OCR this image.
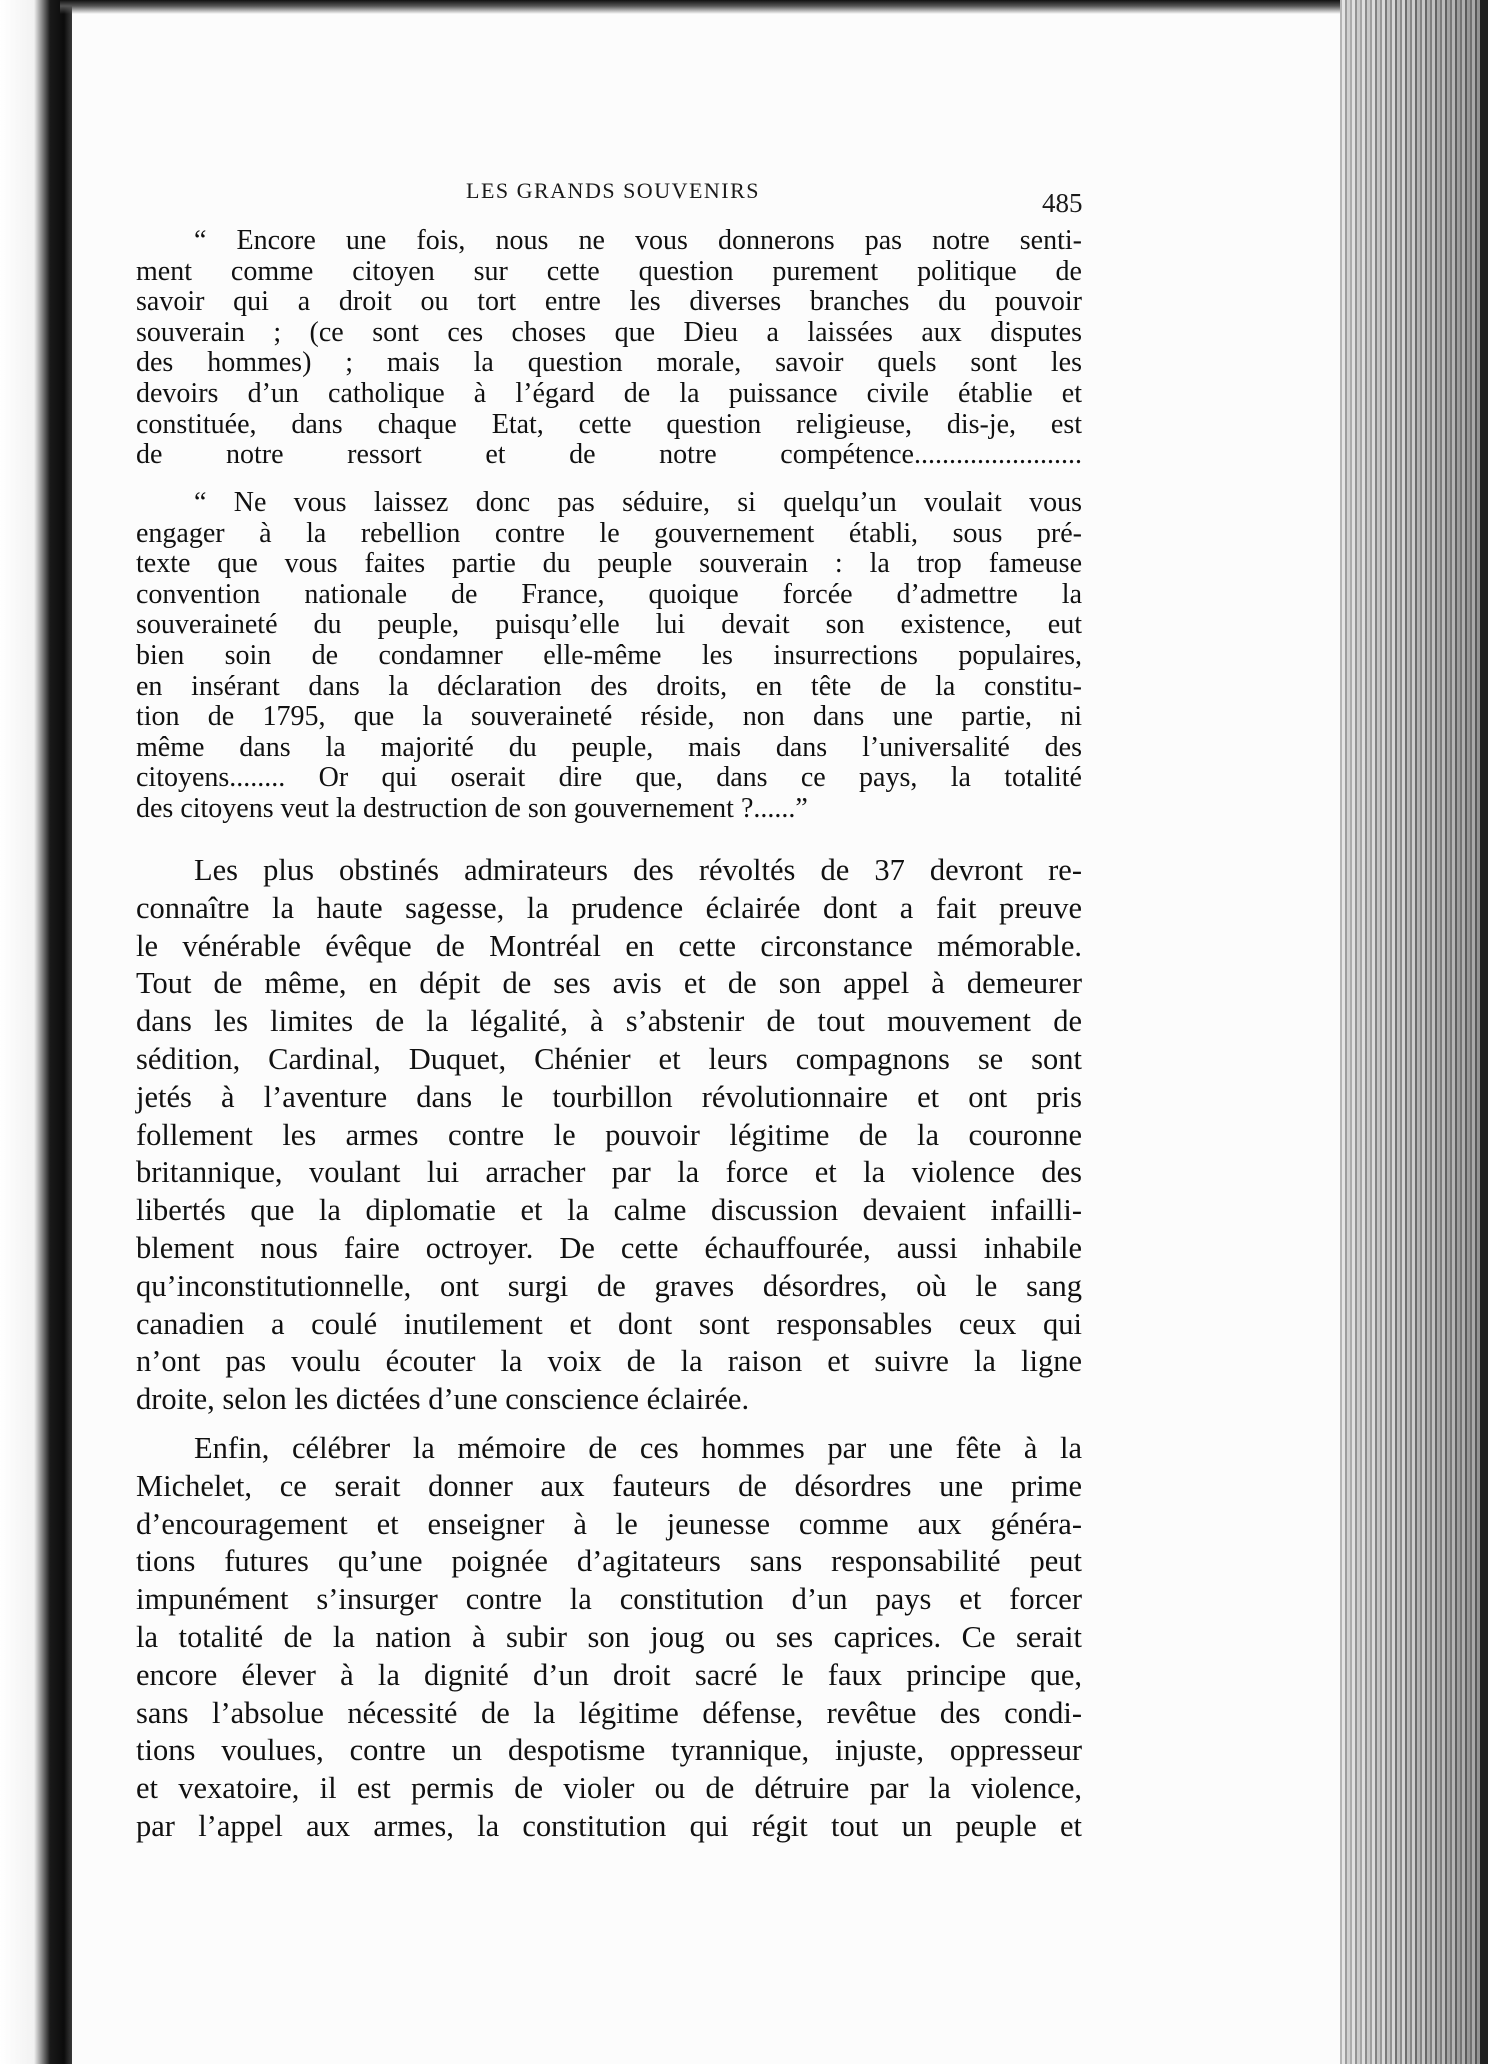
LES GRANDS SOUVENIRS	485
“ Encore une fois, nous ne vous donnerons pas notre senti-
ment comme citoyen sur cette question purement politique de
savoir qui a droit ou tort entre les diverses branches du pouvoir
souverain ; (ce sont ces choses que Dieu a laissées aux disputes
des hommes) ; mais la question morale, savoir quels sont les
devoirs d’un catholique à l’égard de la puissance civile établie et
constituée, dans chaque Etat, cette question religieuse, dis-je, est
de notre ressort et de notre compétence........................
“ Ne vous laissez donc pas séduire, si quelqu’un voulait vous
engager à la rebellion contre le gouvernement établi, sous pré-
texte que vous faites partie du peuple souverain : la trop fameuse
convention nationale de France, quoique forcée d’admettre la
souveraineté du peuple, puisqu’elle lui devait son existence, eut
bien soin de condamner elle-même les insurrections populaires,
en insérant dans la déclaration des droits, en tête de la constitu-
tion de 1795, que la souveraineté réside, non dans une partie, ni
même dans la majorité du peuple, mais dans l’universalité des
citoyens........ Or qui oserait dire que, dans ce pays, la totalité
des citoyens veut la destruction de son gouvernement ?......”
Les plus obstinés admirateurs des révoltés de 37 devront re-
connaître la haute sagesse, la prudence éclairée dont a fait preuve
le vénérable évêque de Montréal en cette circonstance mémorable.
Tout de même, en dépit de ses avis et de son appel à demeurer
dans les limites de la légalité, à s’abstenir de tout mouvement de
sédition, Cardinal, Duquet, Chénier et leurs compagnons se sont
jetés à l’aventure dans le tourbillon révolutionnaire et ont pris
follement les armes contre le pouvoir légitime de la couronne
britannique, voulant lui arracher par la force et la violence des
libertés que la diplomatie et la calme discussion devaient infailli-
blement nous faire octroyer. De cette échauffourée, aussi inhabile
qu’inconstitutionnelle, ont surgi de graves désordres, où le sang
canadien a coulé inutilement et dont sont responsables ceux qui
n’ont pas voulu écouter la voix de la raison et suivre la ligne
droite, selon les dictées d’une conscience éclairée.
Enfin, célébrer la mémoire de ces hommes par une fête à la
Michelet, ce serait donner aux fauteurs de désordres une prime
d’encouragement et enseigner à le jeunesse comme aux généra-
tions futures qu’une poignée d’agitateurs sans responsabilité peut
impunément s’insurger contre la constitution d’un pays et forcer
la totalité de la nation à subir son joug ou ses caprices. Ce serait
encore élever à la dignité d’un droit sacré le faux principe que,
sans l’absolue nécessité de la légitime défense, revêtue des condi-
tions voulues, contre un despotisme tyrannique, injuste, oppresseur
et vexatoire, il est permis de violer ou de détruire par la violence,
par l’appel aux armes, la constitution qui régit tout un peuple et
